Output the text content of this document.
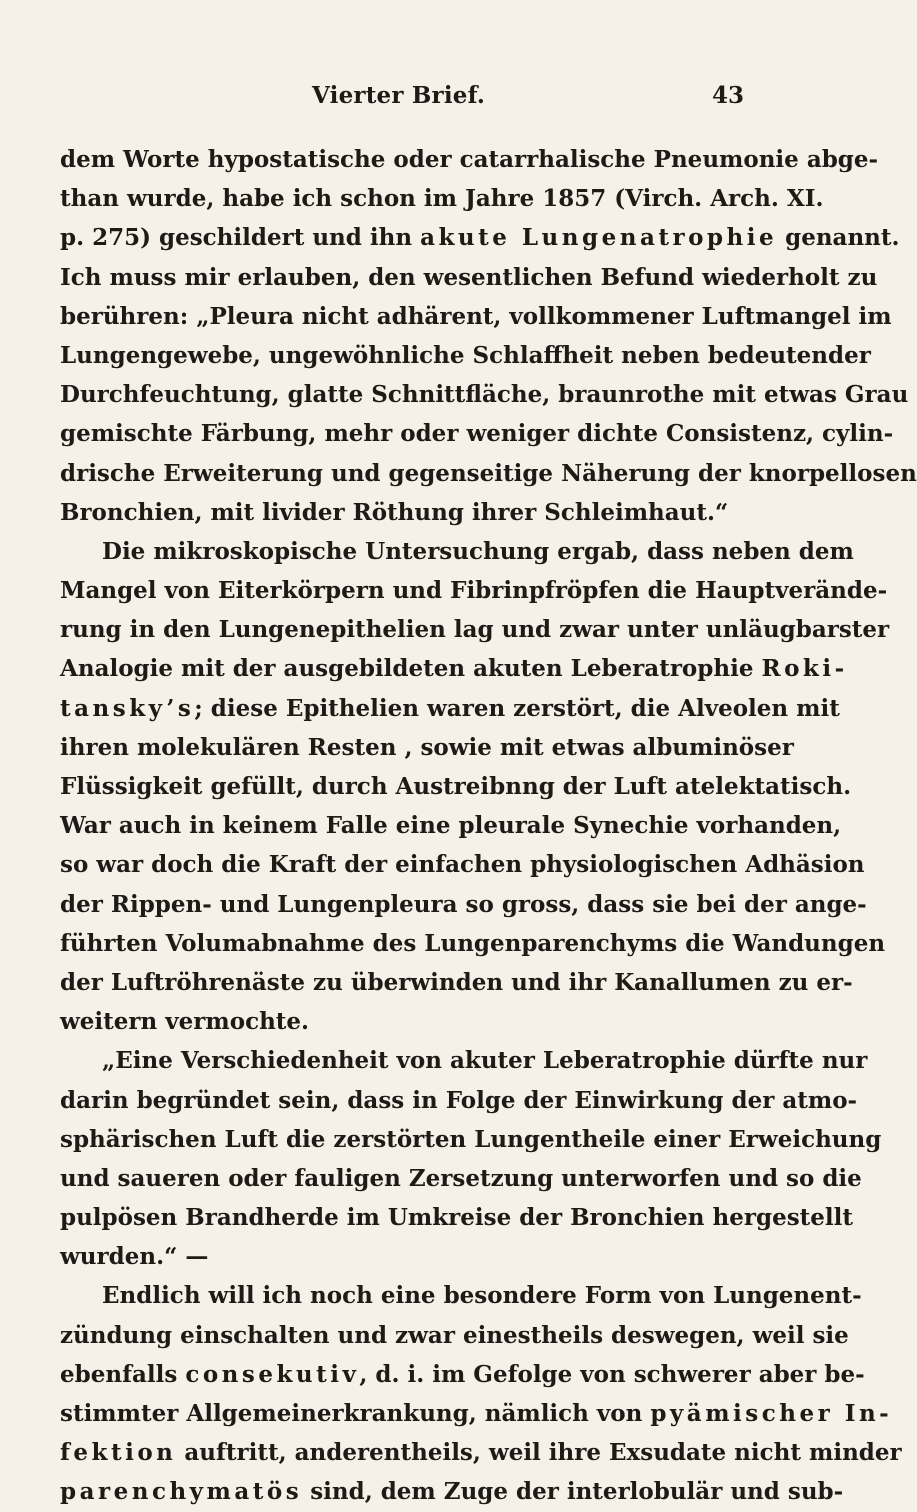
Vierter Brief.	43
dem Worte hypostatische oder catarrhalische Pneumonie abge-
than wurde, habe ich schon im Jahre 1857 (Virch. Arch. XI.
p. 275) geschildert und ihn akute Lungenatrophie genannt.
Ich muss mir erlauben, den wesentlichen Befund wiederholt zu
berühren: „Pleura nicht adhärent, vollkommener Luftmangel im
Lungengewebe, ungewöhnliche Schlaffheit neben bedeutender
Durchfeuchtung, glatte Schnittfläche, braunrothe mit etwas Grau
gemischte Färbung, mehr oder weniger dichte Consistenz, cylin-
drische Erweiterung und gegenseitige Näherung der knorpellosen
Bronchien, mit livider Röthung ihrer Schleimhaut.“
Die mikroskopische Untersuchung ergab, dass neben dem
Mangel von Eiterkörpern und Fibrinpfröpfen die Hauptverände-
rung in den Lungenepithelien lag und zwar unter unläugbarster
Analogie mit der ausgebildeten akuten Leberatrophie Roki-
tansky’s; diese Epithelien waren zerstört, die Alveolen mit
ihren molekulären Resten , sowie mit etwas albuminöser
Flüssigkeit gefüllt, durch Austreibnng der Luft atelektatisch.
War auch in keinem Falle eine pleurale Synechie vorhanden,
so war doch die Kraft der einfachen physiologischen Adhäsion
der Rippen- und Lungenpleura so gross, dass sie bei der ange-
führten Volumabnahme des Lungenparenchyms die Wandungen
der Luftröhrenäste zu überwinden und ihr Kanallumen zu er-
weitern vermochte.
„Eine Verschiedenheit von akuter Leberatrophie dürfte nur
darin begründet sein, dass in Folge der Einwirkung der atmo-
sphärischen Luft die zerstörten Lungentheile einer Erweichung
und saueren oder fauligen Zersetzung unterworfen und so die
pulpösen Brandherde im Umkreise der Bronchien hergestellt
wurden.“ —
Endlich will ich noch eine besondere Form von Lungenent-
zündung einschalten und zwar einestheils deswegen, weil sie
ebenfalls consekutiv, d. i. im Gefolge von schwerer aber be-
stimmter Allgemeinerkrankung, nämlich von pyämischer In-
fektion auftritt, anderentheils, weil ihre Exsudate nicht minder
parenchymatös sind, dem Zuge der interlobulär und sub-
